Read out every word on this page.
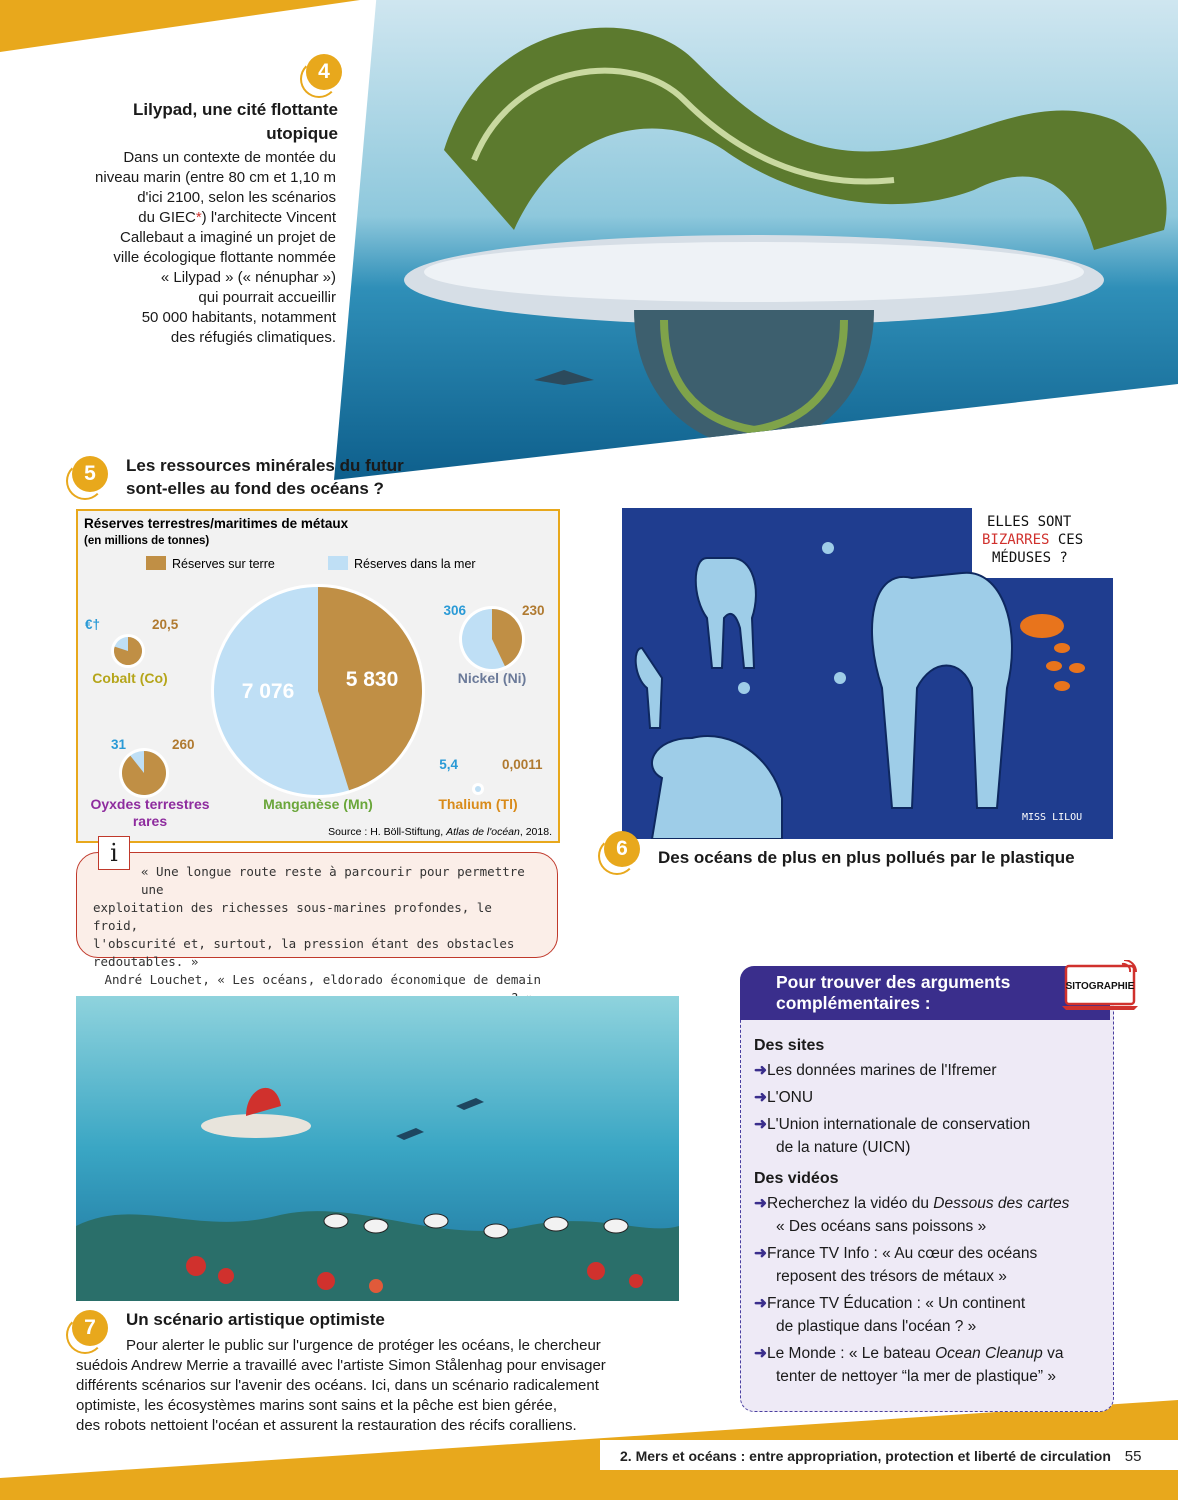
2. Mers et océans : entre appropriation, protection et liberté de circulation 55
4
Lilypad, une cité flottante
utopique
Dans un contexte de montée du
niveau marin (entre 80 cm et 1,10 m
d'ici 2100, selon les scénarios
du GIEC*) l'architecte Vincent
Callebaut a imaginé un projet de
ville écologique flottante nommée
« Lilypad » (« nénuphar »)
qui pourrait accueillir
50 000 habitants, notamment
des réfugiés climatiques.
5	Les ressources minérales du futur
sont-elles au fond des océans ?
Réserves terrestres/maritimes de métaux
(en millions de tonnes)
Réserves sur terre	Réserves dans la mer
€†	20,5
Cobalt (Co)
7 076
5 830
Manganèse (Mn)
306	230
Nickel (Ni)
31	260
Oyxdes terrestres
rares
5,4	0,0011
Thalium (Tl)
Source : H. Böll-Stiftung, Atlas de l'océan, 2018.
« Une longue route reste à parcourir pour permettre une
exploitation des richesses sous-marines profondes, le froid,
l'obscurité et, surtout, la pression étant des obstacles redoutables. »
André Louchet, « Les océans, eldorado économique de demain
i
ELLES SONT
BIZARRES CES
MÉDUSES ?
MISS LILOU
6	Des océans de plus en plus pollués par le plastique
Pour trouver des arguments
complémentaires :
SITOGRAPHIE
Des sites
➜Les données marines de l'Ifremer
➜L'ONU
➜L'Union internationale de conservation
de la nature (UICN)
Des vidéos
➜Recherchez la vidéo du Dessous des cartes
« Des océans sans poissons »
➜France TV Info : « Au cœur des océans
reposent des trésors de métaux »
➜France TV Éducation : « Un continent
de plastique dans l'océan ? »
➜Le Monde : « Le bateau Ocean Cleanup va
tenter de nettoyer “la mer de plastique” »
7	Un scénario artistique optimiste
Pour alerter le public sur l'urgence de protéger les océans, le chercheur
suédois Andrew Merrie a travaillé avec l'artiste Simon Stålenhag pour envisager
différents scénarios sur l'avenir des océans. Ici, dans un scénario radicalement
optimiste, les écosystèmes marins sont sains et la pêche est bien gérée,
des robots nettoient l'océan et assurent la restauration des récifs coralliens.
